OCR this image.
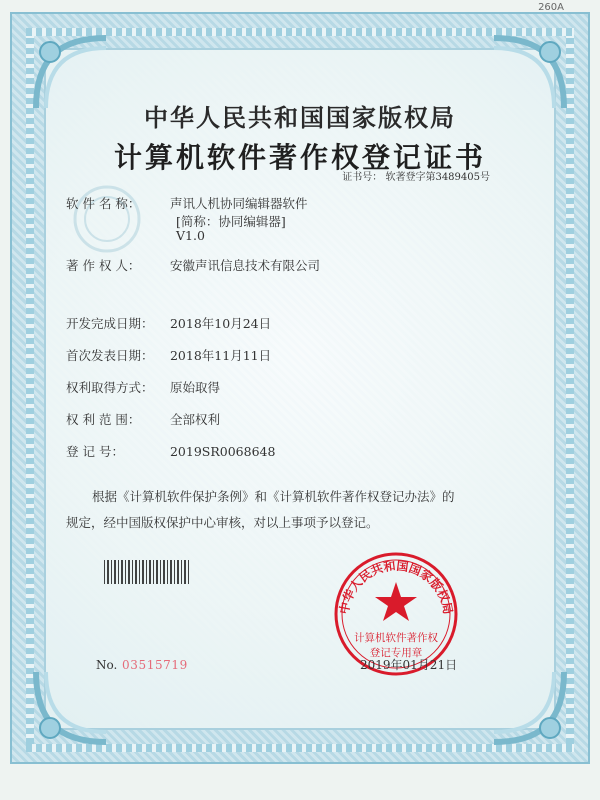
260A
中华人民共和国国家版权局
计算机软件著作权登记证书
证书号： 软著登字第3489405号
软 件 名 称： 声讯人机协同编辑器软件
[简称：协同编辑器]
V1.0
著 作 权 人： 安徽声讯信息技术有限公司
开发完成日期： 2018年10月24日
首次发表日期： 2018年11月11日
权利取得方式： 原始取得
权 利 范 围： 全部权利
登 记 号：	2019SR0068648
根据《计算机软件保护条例》和《计算机软件著作权登记办法》的
规定，经中国版权保护中心审核，对以上事项予以登记。
中华人民共和国国家版权局
计算机软件著作权
登记专用章
No. 03515719	2019年01月21日
